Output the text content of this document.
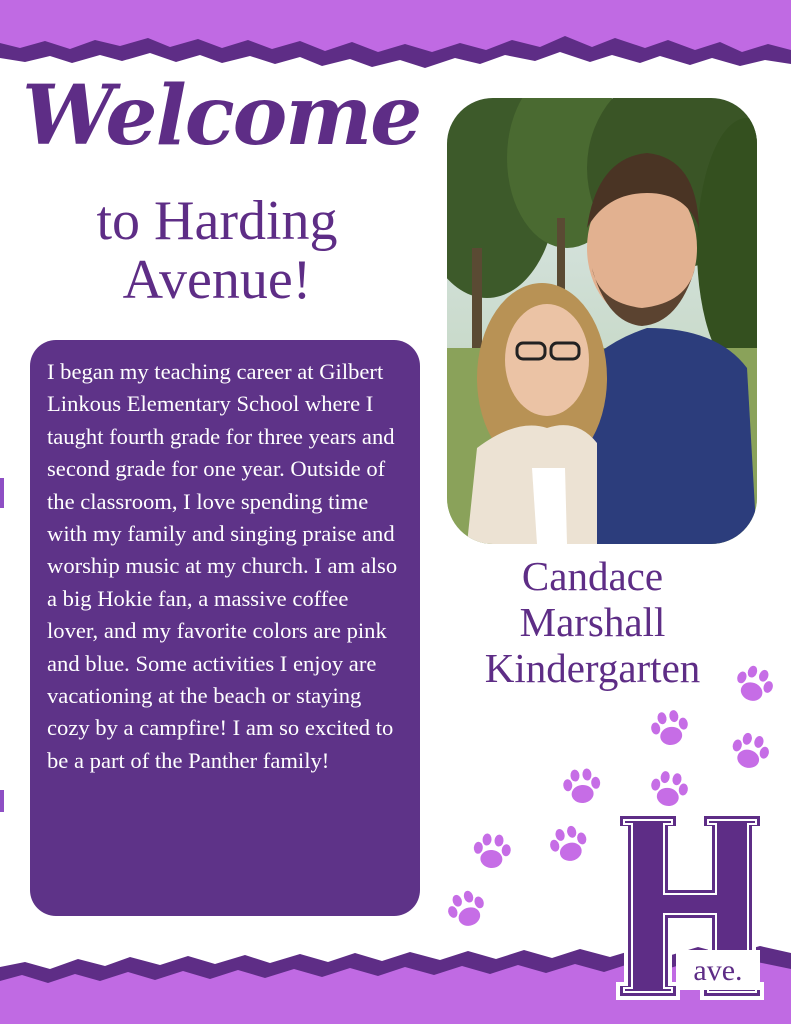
Welcome
to Harding
Avenue!

I began my teaching career at Gilbert Linkous Elementary School where I taught fourth grade for three years and second grade for one year. Outside of the classroom, I love spending time with my family and singing praise and worship music at my church. I am also a big Hokie fan, a massive coffee lover, and my favorite colors are pink and blue. Some activities I enjoy are vacationing at the beach or staying cozy by a campfire! I am so excited to be a part of the Panther family!

Candace
Marshall
Kindergarten
ave.
